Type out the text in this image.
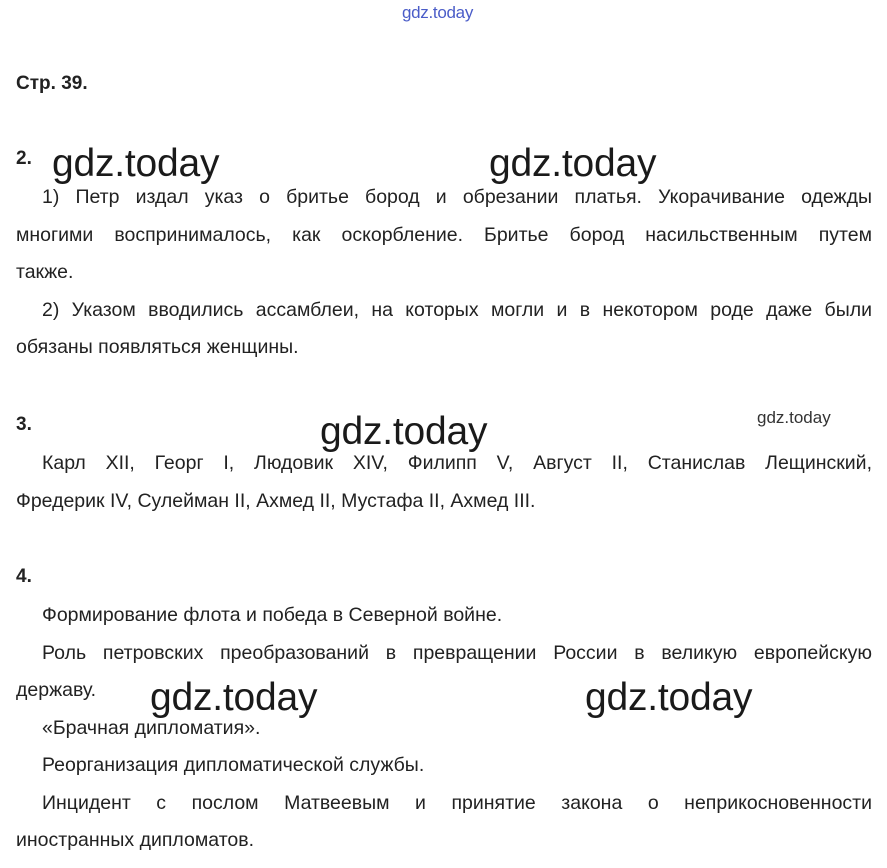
gdz.today
gdz.today	gdz.today
gdz.today	gdz.today
gdz.today	gdz.today
Стр. 39.
2.
1) Петр издал указ о бритье бород и обрезании платья. Укорачивание одежды
многими воспринималось, как оскорбление. Бритье бород насильственным путем
также.
2) Указом вводились ассамблеи, на которых могли и в некотором роде даже были
обязаны появляться женщины.
3.
Карл XII, Георг I, Людовик XIV, Филипп V, Август II, Станислав Лещинский,
Фредерик IV, Сулейман II, Ахмед II, Мустафа II, Ахмед III.
4.
Формирование флота и победа в Северной войне.
Роль петровских преобразований в превращении России в великую европейскую
державу.
«Брачная дипломатия».
Реорганизация дипломатической службы.
Инцидент с послом Матвеевым и принятие закона о неприкосновенности
иностранных дипломатов.
